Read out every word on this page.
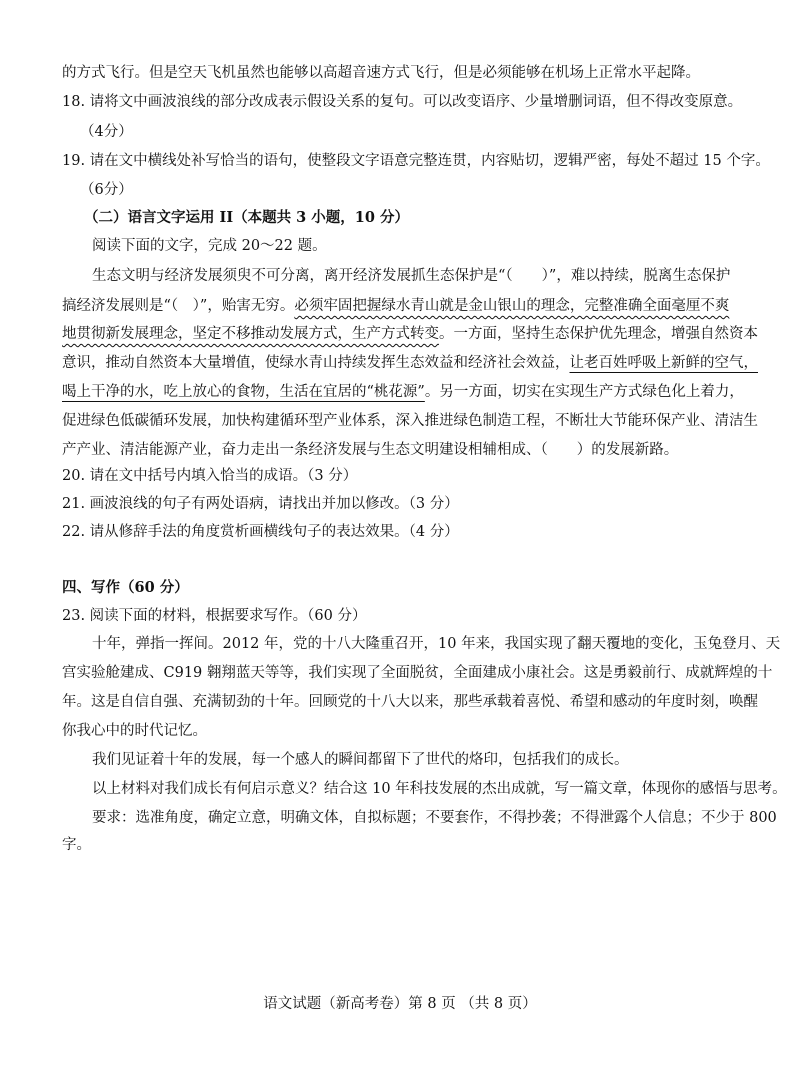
的方式飞行。但是空天飞机虽然也能够以高超音速方式飞行，但是必须能够在机场上正常水平起降。
18. 请将文中画波浪线的部分改成表示假设关系的复句。可以改变语序、少量增删词语，但不得改变原意。
（4分）
19. 请在文中横线处补写恰当的语句，使整段文字语意完整连贯，内容贴切，逻辑严密，每处不超过 15 个字。
（6分）
（二）语言文字运用 II（本题共 3 小题，10 分）
阅读下面的文字，完成 20～22 题。
生态文明与经济发展须臾不可分离，离开经济发展抓生态保护是“（　　）”，难以持续，脱离生态保护
搞经济发展则是“（　）”，贻害无穷。必须牢固把握绿水青山就是金山银山的理念，完整准确全面毫厘不爽
地贯彻新发展理念，坚定不移推动发展方式，生产方式转变。一方面，坚持生态保护优先理念，增强自然资本
意识，推动自然资本大量增值，使绿水青山持续发挥生态效益和经济社会效益，让老百姓呼吸上新鲜的空气，
喝上干净的水，吃上放心的食物，生活在宜居的“桃花源”。另一方面，切实在实现生产方式绿色化上着力，
促进绿色低碳循环发展，加快构建循环型产业体系，深入推进绿色制造工程，不断壮大节能环保产业、清洁生
产产业、清洁能源产业，奋力走出一条经济发展与生态文明建设相辅相成、（　　）的发展新路。
20. 请在文中括号内填入恰当的成语。（3 分）
21. 画波浪线的句子有两处语病，请找出并加以修改。（3 分）
22. 请从修辞手法的角度赏析画横线句子的表达效果。（4 分）
四、写作（60 分）
23. 阅读下面的材料，根据要求写作。（60 分）
十年，弹指一挥间。2012 年，党的十八大隆重召开，10 年来，我国实现了翻天覆地的变化，玉兔登月、天
宫实验舱建成、C919 翱翔蓝天等等，我们实现了全面脱贫，全面建成小康社会。这是勇毅前行、成就辉煌的十
年。这是自信自强、充满韧劲的十年。回顾党的十八大以来，那些承载着喜悦、希望和感动的年度时刻，唤醒
你我心中的时代记忆。
我们见证着十年的发展，每一个感人的瞬间都留下了世代的烙印，包括我们的成长。
以上材料对我们成长有何启示意义？结合这 10 年科技发展的杰出成就，写一篇文章，体现你的感悟与思考。
要求：选准角度，确定立意，明确文体，自拟标题；不要套作，不得抄袭；不得泄露个人信息；不少于 800
字。
语文试题（新高考卷）第 8 页 （共 8 页）
